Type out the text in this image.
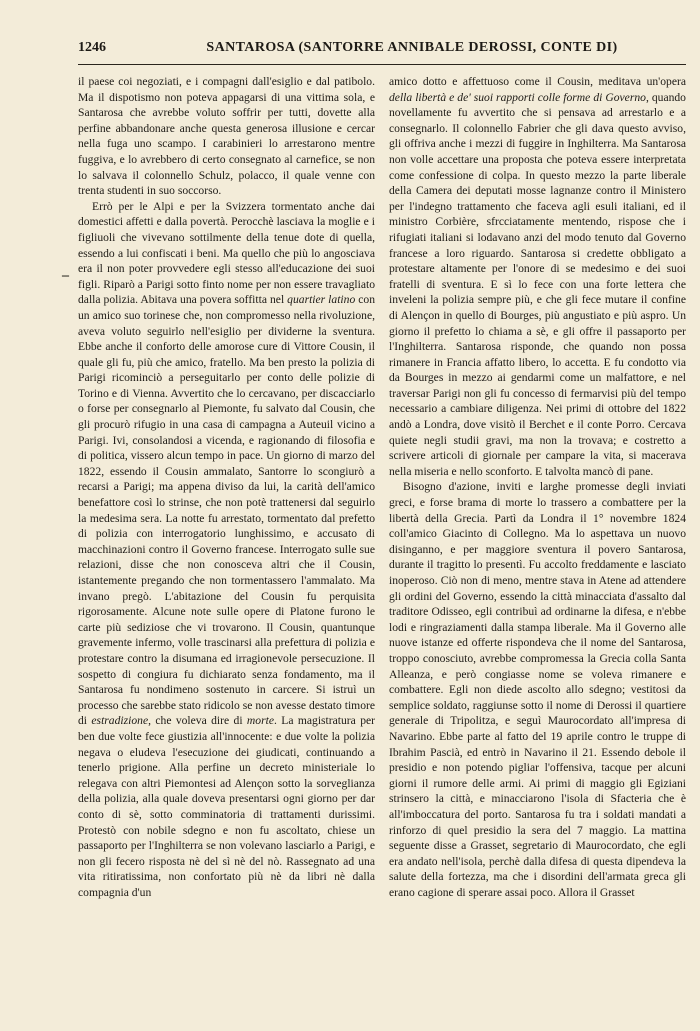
1246	SANTAROSA (SANTORRE ANNIBALE DEROSSI, CONTE DI)
–

il paese coi negoziati, e i compagni dall'esiglio e dal patibolo. Ma il dispotismo non poteva appagarsi di una vittima sola, e Santarosa che avrebbe voluto soffrir per tutti, dovette alla perfine abbandonare anche questa generosa illusione e cercar nella fuga uno scampo. I carabinieri lo arrestarono mentre fuggiva, e lo avrebbero di certo consegnato al carnefice, se non lo salvava il colonnello Schulz, polacco, il quale venne con trenta studenti in suo soccorso.

Errò per le Alpi e per la Svizzera tormentato anche dai domestici affetti e dalla povertà. Perocchè lasciava la moglie e i figliuoli che vivevano sottilmente della tenue dote di quella, essendo a lui confiscati i beni. Ma quello che più lo angosciava era il non poter provvedere egli stesso all'educazione dei suoi figli. Riparò a Parigi sotto finto nome per non essere travagliato dalla polizia. Abitava una povera soffitta nel quartier latino con un amico suo torinese che, non compromesso nella rivoluzione, aveva voluto seguirlo nell'esiglio per dividerne la sventura. Ebbe anche il conforto delle amorose cure di Vittore Cousin, il quale gli fu, più che amico, fratello. Ma ben presto la polizia di Parigi ricominciò a perseguitarlo per conto delle polizie di Torino e di Vienna. Avvertito che lo cercavano, per discacciarlo o forse per consegnarlo al Piemonte, fu salvato dal Cousin, che gli procurò rifugio in una casa di campagna a Auteuil vicino a Parigi. Ivi, consolandosi a vicenda, e ragionando di filosofia e di politica, vissero alcun tempo in pace. Un giorno di marzo del 1822, essendo il Cousin ammalato, Santorre lo scongiurò a recarsi a Parigi; ma appena diviso da lui, la carità dell'amico benefattore così lo strinse, che non potè trattenersi dal seguirlo la medesima sera. La notte fu arrestato, tormentato dal prefetto di polizia con interrogatorio lunghissimo, e accusato di macchinazioni contro il Governo francese. Interrogato sulle sue relazioni, disse che non conosceva altri che il Cousin, istantemente pregando che non tormentassero l'ammalato. Ma invano pregò. L'abitazione del Cousin fu perquisita rigorosamente. Alcune note sulle opere di Platone furono le carte più sediziose che vi trovarono. Il Cousin, quantunque gravemente infermo, volle trascinarsi alla prefettura di polizia e protestare contro la disumana ed irragionevole persecuzione. Il sospetto di congiura fu dichiarato senza fondamento, ma il Santarosa fu nondimeno sostenuto in carcere. Si istruì un processo che sarebbe stato ridicolo se non avesse destato timore di estradizione, che voleva dire di morte. La magistratura per ben due volte fece giustizia all'innocente: e due volte la polizia negava o eludeva l'esecuzione dei giudicati, continuando a tenerlo prigione. Alla perfine un decreto ministeriale lo relegava con altri Piemontesi ad Alençon sotto la sorveglianza della polizia, alla quale doveva presentarsi ogni giorno per dar conto di sè, sotto comminatoria di trattamenti durissimi. Protestò con nobile sdegno e non fu ascoltato, chiese un passaporto per l'Inghilterra se non volevano lasciarlo a Parigi, e non gli fecero risposta nè del sì nè del nò. Rassegnato ad una vita ritiratissima, non confortato più nè da libri nè dalla compagnia d'un

amico dotto e affettuoso come il Cousin, meditava un'opera della libertà e de' suoi rapporti colle forme di Governo, quando novellamente fu avvertito che si pensava ad arrestarlo e a consegnarlo. Il colonnello Fabrier che gli dava questo avviso, gli offriva anche i mezzi di fuggire in Inghilterra. Ma Santarosa non volle accettare una proposta che poteva essere interpretata come confessione di colpa. In questo mezzo la parte liberale della Camera dei deputati mosse lagnanze contro il Ministero per l'indegno trattamento che faceva agli esuli italiani, ed il ministro Corbière, sfrcciatamente mentendo, rispose che i rifugiati italiani si lodavano anzi del modo tenuto dal Governo francese a loro riguardo. Santarosa si credette obbligato a protestare altamente per l'onore di se medesimo e dei suoi fratelli di sventura. E sì lo fece con una forte lettera che inveleni la polizia sempre più, e che gli fece mutare il confine di Alençon in quello di Bourges, più angustiato e più aspro. Un giorno il prefetto lo chiama a sè, e gli offre il passaporto per l'Inghilterra. Santarosa risponde, che quando non possa rimanere in Francia affatto libero, lo accetta. E fu condotto via da Bourges in mezzo ai gendarmi come un malfattore, e nel traversar Parigi non gli fu concesso di fermarvisi più del tempo necessario a cambiare diligenza. Nei primi di ottobre del 1822 andò a Londra, dove visitò il Berchet e il conte Porro. Cercava quiete negli studii gravi, ma non la trovava; e costretto a scrivere articoli di giornale per campare la vita, si macerava nella miseria e nello sconforto. E talvolta mancò di pane.

Bisogno d'azione, inviti e larghe promesse degli inviati greci, e forse brama di morte lo trassero a combattere per la libertà della Grecia. Partì da Londra il 1° novembre 1824 coll'amico Giacinto di Collegno. Ma lo aspettava un nuovo disinganno, e per maggiore sventura il povero Santarosa, durante il tragitto lo presentì. Fu accolto freddamente e lasciato inoperoso. Ciò non di meno, mentre stava in Atene ad attendere gli ordini del Governo, essendo la città minacciata d'assalto dal traditore Odisseo, egli contribuì ad ordinarne la difesa, e n'ebbe lodi e ringraziamenti dalla stampa liberale. Ma il Governo alle nuove istanze ed offerte rispondeva che il nome del Santarosa, troppo conosciuto, avrebbe compromessa la Grecia colla Santa Alleanza, e però congiasse nome se voleva rimanere e combattere. Egli non diede ascolto allo sdegno; vestitosi da semplice soldato, raggiunse sotto il nome di Derossi il quartiere generale di Tripolitza, e seguì Maurocordato all'impresa di Navarino. Ebbe parte al fatto del 19 aprile contro le truppe di Ibrahim Pascià, ed entrò in Navarino il 21. Essendo debole il presidio e non potendo pigliar l'offensiva, tacque per alcuni giorni il rumore delle armi. Ai primi di maggio gli Egiziani strinsero la città, e minacciarono l'isola di Sfacteria che è all'imboccatura del porto. Santarosa fu tra i soldati mandati a rinforzo di quel presidio la sera del 7 maggio. La mattina seguente disse a Grasset, segretario di Maurocordato, che egli era andato nell'isola, perchè dalla difesa di questa dipendeva la salute della fortezza, ma che i disordini dell'armata greca gli erano cagione di sperare assai poco. Allora il Grasset
